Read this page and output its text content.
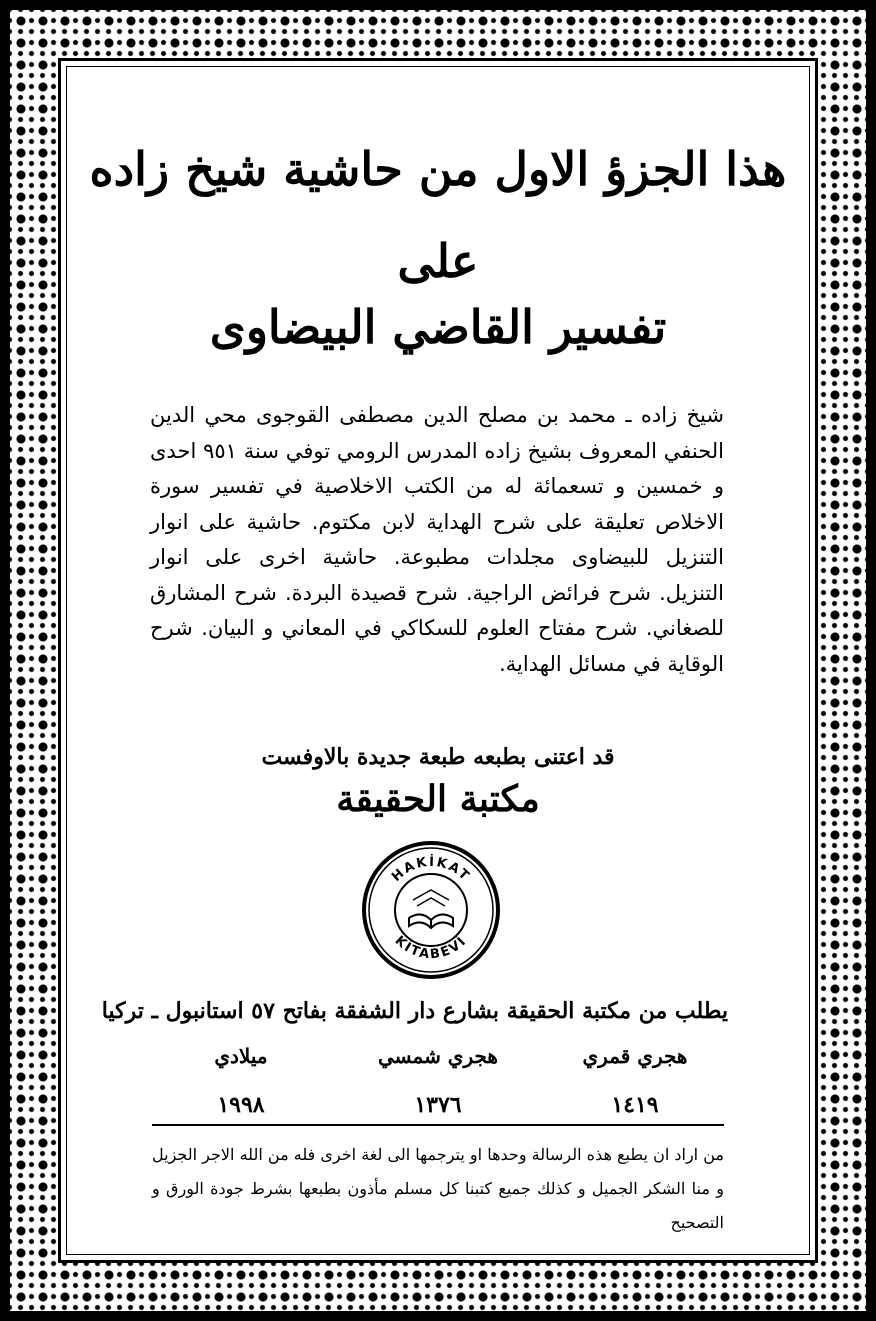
هذا الجزؤ الاول من حاشية شيخ زاده
على
تفسير القاضي البيضاوى
شيخ زاده ـ محمد بن مصلح الدين مصطفى القوجوى محي الدين الحنفي المعروف بشيخ زاده المدرس الرومي توفي سنة ٩٥١ احدى و خمسين و تسعمائة له من الكتب الاخلاصية في تفسير سورة الاخلاص تعليقة على شرح الهداية لابن مكتوم. حاشية على انوار التنزيل للبيضاوى مجلدات مطبوعة. حاشية اخرى على انوار التنزيل. شرح فرائض الراجية. شرح قصيدة البردة. شرح المشارق للصغاني. شرح مفتاح العلوم للسكاكي في المعاني و البيان. شرح الوقاية في مسائل الهداية.
قد اعتنى بطبعه طبعة جديدة بالاوفست
مكتبة الحقيقة
HAKİKAT
KİTABEVİ
يطلب من مكتبة الحقيقة بشارع دار الشفقة بفاتح ٥٧ استانبول ـ تركيا
هجري قمري
١٤١٩
هجري شمسي
١٣٧٦
ميلادي
١٩٩٨
من اراد ان يطبع هذه الرسالة وحدها او يترجمها الى لغة اخرى فله من الله الاجر الجزيل و منا الشكر الجميل و كذلك جميع كتبنا كل مسلم مأذون بطبعها بشرط جودة الورق و التصحيح
